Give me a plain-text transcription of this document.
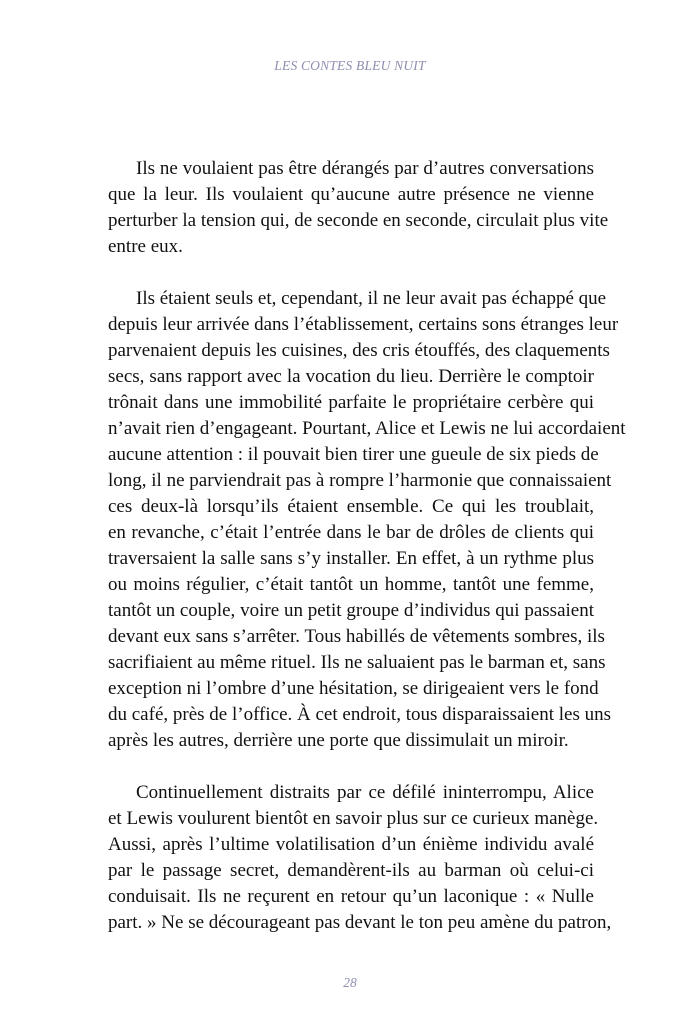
LES CONTES BLEU NUIT

Ils ne voulaient pas être dérangés par d’autres conversations
que la leur. Ils voulaient qu’aucune autre présence ne vienne
perturber la tension qui, de seconde en seconde, circulait plus vite
entre eux.

Ils étaient seuls et, cependant, il ne leur avait pas échappé que
depuis leur arrivée dans l’établissement, certains sons étranges leur
parvenaient depuis les cuisines, des cris étouffés, des claquements
secs, sans rapport avec la vocation du lieu. Derrière le comptoir
trônait dans une immobilité parfaite le propriétaire cerbère qui
n’avait rien d’engageant. Pourtant, Alice et Lewis ne lui accordaient
aucune attention : il pouvait bien tirer une gueule de six pieds de
long, il ne parviendrait pas à rompre l’harmonie que connaissaient
ces deux-là lorsqu’ils étaient ensemble. Ce qui les troublait,
en revanche, c’était l’entrée dans le bar de drôles de clients qui
traversaient la salle sans s’y installer. En effet, à un rythme plus
ou moins régulier, c’était tantôt un homme, tantôt une femme,
tantôt un couple, voire un petit groupe d’individus qui passaient
devant eux sans s’arrêter. Tous habillés de vêtements sombres, ils
sacrifiaient au même rituel. Ils ne saluaient pas le barman et, sans
exception ni l’ombre d’une hésitation, se dirigeaient vers le fond
du café, près de l’office. À cet endroit, tous disparaissaient les uns
après les autres, derrière une porte que dissimulait un miroir.

Continuellement distraits par ce défilé ininterrompu, Alice
et Lewis voulurent bientôt en savoir plus sur ce curieux manège.
Aussi, après l’ultime volatilisation d’un énième individu avalé
par le passage secret, demandèrent-ils au barman où celui-ci
conduisait. Ils ne reçurent en retour qu’un laconique : « Nulle
part. » Ne se décourageant pas devant le ton peu amène du patron,

28
